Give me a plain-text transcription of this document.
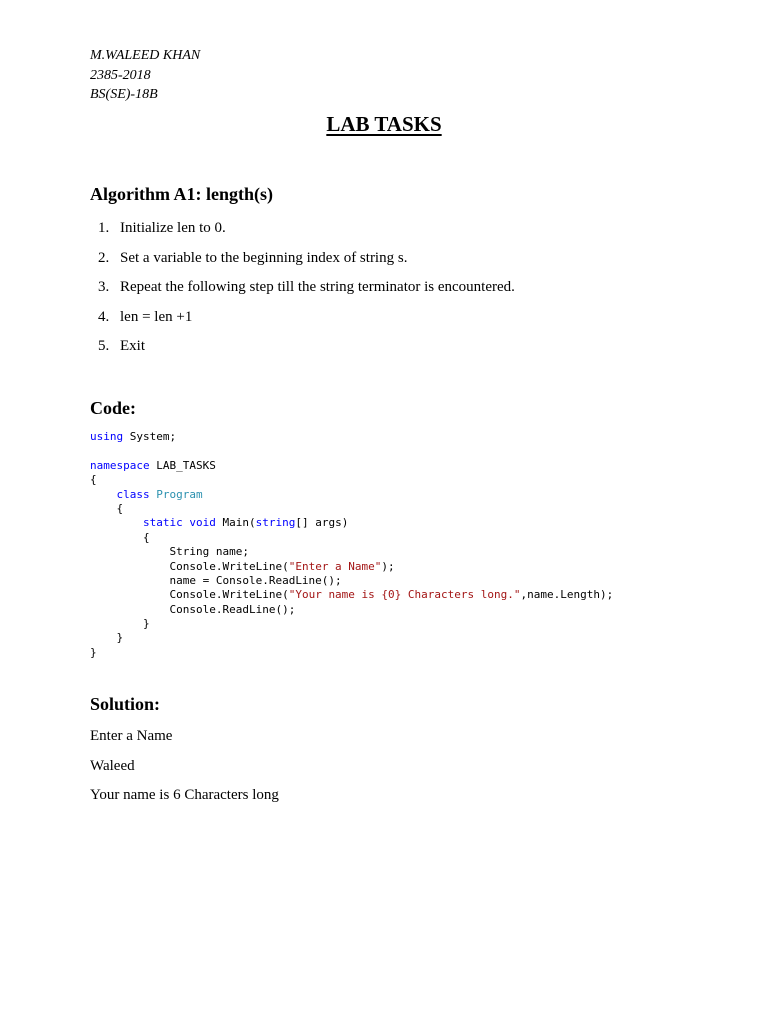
M.WALEED KHAN
2385-2018
BS(SE)-18B
LAB TASKS
Algorithm A1: length(s)
1. Initialize len to 0.
2. Set a variable to the beginning index of string s.
3. Repeat the following step till the string terminator is encountered.
4. len = len +1
5. Exit
Code:
using System;
namespace LAB_TASKS
{
class Program
{
static void Main(string[] args)
{
String name;
Console.WriteLine("Enter a Name");
name = Console.ReadLine();
Console.WriteLine("Your name is {0} Characters long.",name.Length);
Console.ReadLine();
}
}
}
Solution:
Enter a Name
Waleed
Your name is 6 Characters long
